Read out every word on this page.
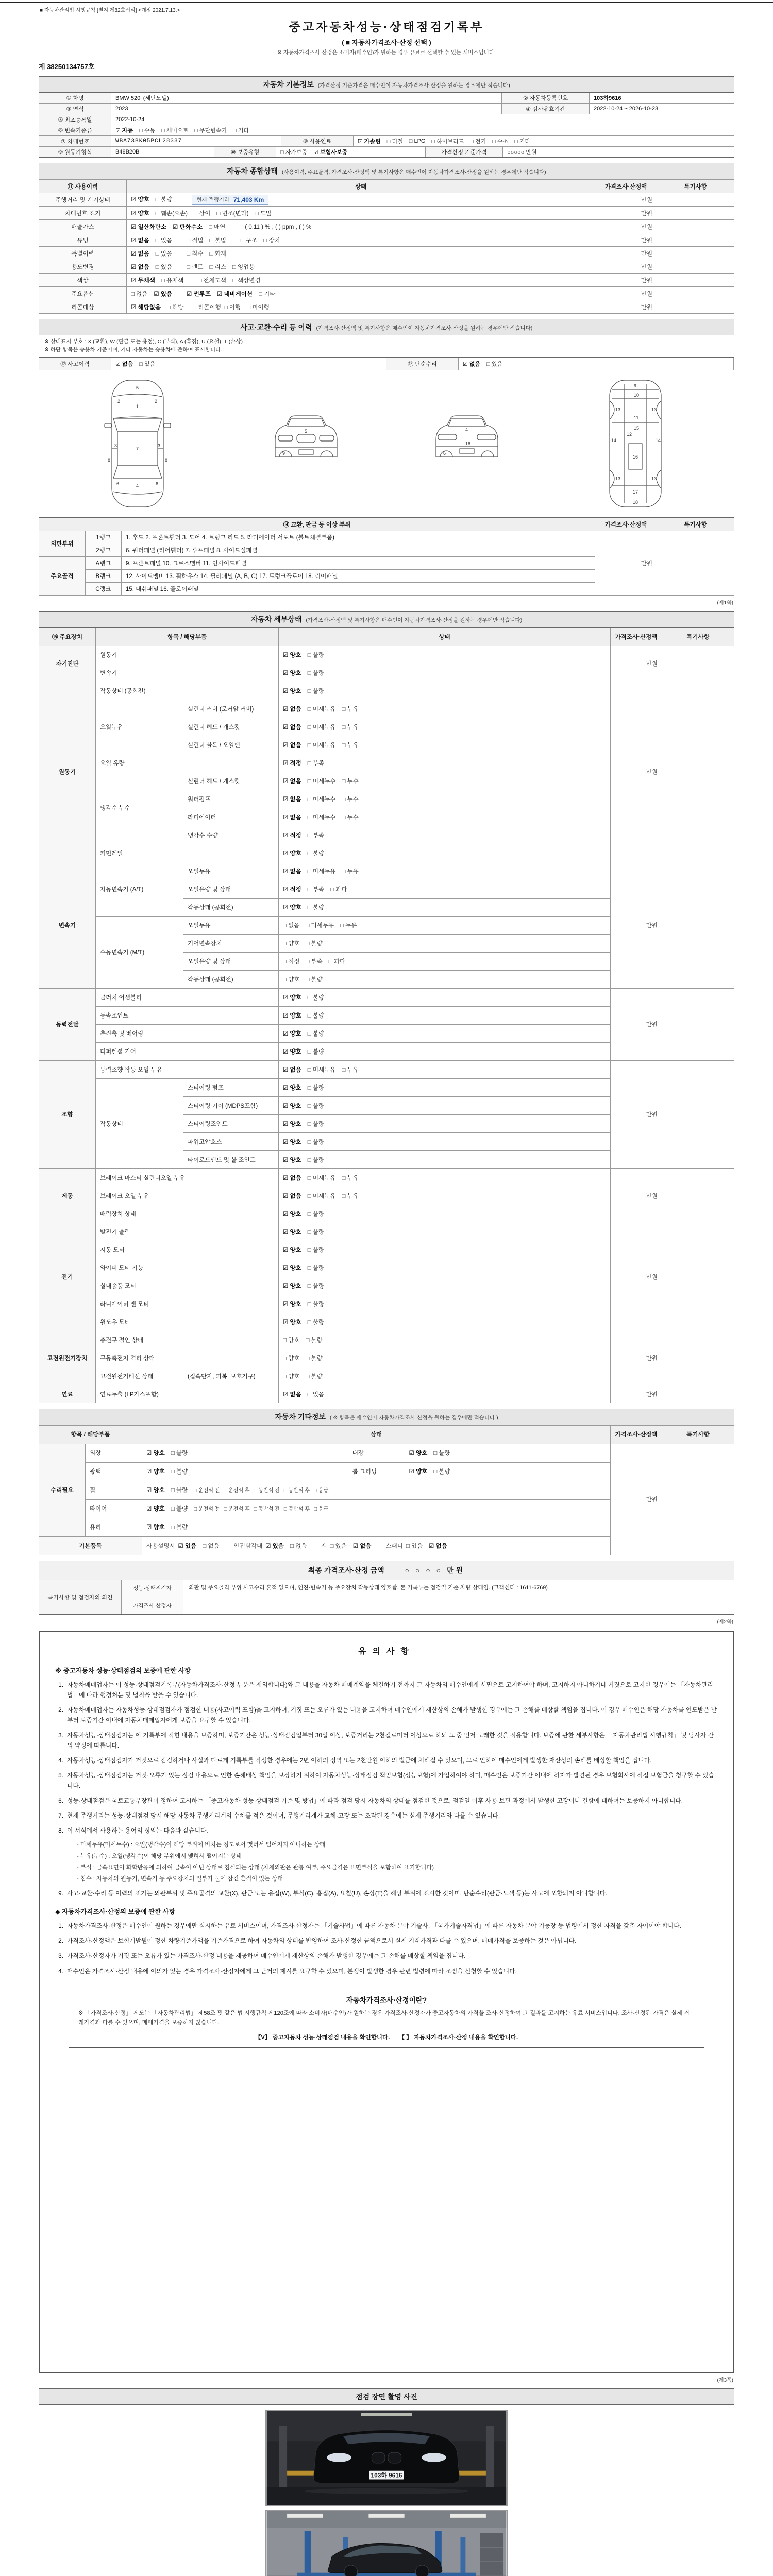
■ 자동차관리법 시행규칙 [별지 제82호서식] <개정 2021.7.13.>
중고자동차성능·상태점검기록부
( ■ 자동차가격조사·산정 선택 )
※ 자동차가격조사·산정은 소비자(매수인)가 원하는 경우 유료로 선택할 수 있는 서비스입니다.
제 38250134757호
자동차 기본정보 (가격산정 기준가격은 매수인이 자동차가격조사·산정을 원하는 경우에만 적습니다)
① 차명	BMW 520i (세단모델)	② 자동차등록번호	103하9616
③ 연식	2023	④ 검사유효기간	2022-10-24 ~ 2026-10-23
⑤ 최초등록일	2022-10-24
⑥ 변속기종류	☑ 자동 □ 수동 □ 세미오토 □ 무단변속기 □ 기타
⑦ 차대번호	WBA73BK05PCL28337	⑧ 사용연료	☑ 가솔린 □ 디젤 □ LPG □ 하이브리드 □ 전기 □ 수소 □ 기타
⑨ 원동기형식	B48B20B	⑩ 보증유형	□ 자가보증 ☑ 보험사보증	가격산정 기준가격	○○○○○ 만원
자동차 종합상태 (사용이력, 주요골격, 가격조사·산정액 및 특기사항은 매수인이 자동차가격조사·산정을 원하는 경우에만 적습니다)
⑪ 사용이력	상태	가격조사·산정액	특기사항
주행거리 및 계기상태	☑ 양호 □ 불량 현재 주행거리 71,403 Km	만원	
차대번호 표기	☑ 양호 □ 훼손(오손) □ 상이 □ 변조(변타) □ 도말	만원	
배출가스	☑ 일산화탄소 ☑ 탄화수소 □ 매연 ( 0.11 ) % , ( ) ppm , ( ) %	만원	
튜닝	☑ 없음 □ 있음 □ 적법 □ 불법 □ 구조 □ 장치	만원	
특별이력	☑ 없음 □ 있음 □ 침수 □ 화재	만원	
용도변경	☑ 없음 □ 있음 □ 렌트 □ 리스 □ 영업용	만원	
색상	☑ 무채색 □ 유채색 □ 전체도색 □ 색상변경	만원	
주요옵션	□ 없음 ☑ 있음 ☑ 썬루프 ☑ 네비게이션 □ 기타	만원	
리콜대상	☑ 해당없음 □ 해당 리콜이행 □ 이행 □ 미이행	만원	
사고·교환·수리 등 이력 (가격조사·산정액 및 특기사항은 매수인이 자동차가격조사·산정을 원하는 경우에만 적습니다)
※ 상태표시 부호 : X (교환), W (판금 또는 용접), C (부식), A (흠집), U (요철), T (손상)
※ 하단 항목은 승용차 기준이며, 기타 자동차는 승용차에 준하여 표시합니다.
⑫ 사고이력	☑ 없음 □ 있음	⑬ 단순수리	☑ 없음 □ 있음
5
1
2	2
3	3
7
4
6	6
8	8
5
9
4
18
6
9
10
13	13
13	13
11
12
14	14
15
16
17
18
⑭ 교환, 판금 등 이상 부위			가격조사·산정액	특기사항
외판부위	1랭크	1. 후드 2. 프론트휀더 3. 도어 4. 트렁크 리드 5. 라디에이터 서포트 (볼트체결부품)	만원	
	2랭크	6. 쿼터패널 (리어휀더) 7. 루프패널 8. 사이드실패널		
주요골격	A랭크	9. 프론트패널 10. 크로스멤버 11. 인사이드패널		
	B랭크	12. 사이드멤버 13. 휠하우스 14. 필러패널 (A, B, C) 17. 트렁크플로어 18. 리어패널		
	C랭크	15. 대쉬패널 16. 플로어패널		
(제1쪽)
자동차 세부상태 (가격조사·산정액 및 특기사항은 매수인이 자동차가격조사·산정을 원하는 경우에만 적습니다)
⑮ 주요장치	항목 / 해당부품		상태	가격조사·산정액	특기사항
자기진단	원동기		☑ 양호 □ 불량	만원	
	변속기		☑ 양호 □ 불량		

원동기	작동상태 (공회전)		☑ 양호 □ 불량	만원	
	오일누유	실린더 커버 (로커암 커버)	☑ 없음 □ 미세누유 □ 누유		

		실린더 헤드 / 개스킷	☑ 없음 □ 미세누유 □ 누유		

		실린더 블록 / 오일팬	☑ 없음 □ 미세누유 □ 누유		

	오일 유량		☑ 적정 □ 부족		

	냉각수 누수	실린더 헤드 / 개스킷	☑ 없음 □ 미세누수 □ 누수		

		워터펌프	☑ 없음 □ 미세누수 □ 누수		

		라디에이터	☑ 없음 □ 미세누수 □ 누수		

		냉각수 수량	☑ 적정 □ 부족		

	커먼레일		☑ 양호 □ 불량		

변속기	자동변속기 (A/T)	오일누유	☑ 없음 □ 미세누유 □ 누유	만원	
		오일유량 및 상태	☑ 적정 □ 부족 □ 과다		

		작동상태 (공회전)	☑ 양호 □ 불량		

	수동변속기 (M/T)	오일누유	□ 없음 □ 미세누유 □ 누유		

		기어변속장치	□ 양호 □ 불량		

		오일유량 및 상태	□ 적정 □ 부족 □ 과다		

		작동상태 (공회전)	□ 양호 □ 불량		

동력전달	클러치 어셈블리		☑ 양호 □ 불량	만원	
	등속조인트		☑ 양호 □ 불량		

	추진축 및 베어링		☑ 양호 □ 불량		

	디퍼렌셜 기어		☑ 양호 □ 불량		

조향	동력조향 작동 오일 누유		☑ 없음 □ 미세누유 □ 누유	만원	
	작동상태	스티어링 펌프	☑ 양호 □ 불량		

		스티어링 기어 (MDPS포함)	☑ 양호 □ 불량		

		스티어링조인트	☑ 양호 □ 불량		

		파워고압호스	☑ 양호 □ 불량		

		타이로드엔드 및 볼 조인트	☑ 양호 □ 불량		

제동	브레이크 마스터 실린더오일 누유		☑ 없음 □ 미세누유 □ 누유	만원	
	브레이크 오일 누유		☑ 없음 □ 미세누유 □ 누유		

	배력장치 상태		☑ 양호 □ 불량		

전기	발전기 출력		☑ 양호 □ 불량	만원	
	시동 모터		☑ 양호 □ 불량		

	와이퍼 모터 기능		☑ 양호 □ 불량		

	실내송풍 모터		☑ 양호 □ 불량		

	라디에이터 팬 모터		☑ 양호 □ 불량		

	윈도우 모터		☑ 양호 □ 불량		

고전원전기장치	충전구 절연 상태		□ 양호 □ 불량	만원	
	구동축전지 격리 상태		□ 양호 □ 불량		

	고전원전기배선 상태	(접속단자, 피복, 보호기구)	□ 양호 □ 불량		

연료	연료누출 (LP가스포함)		☑ 없음 □ 있음	만원	
자동차 기타정보 ( ※ 항목은 매수인이 자동차가격조사·산정을 원하는 경우에만 적습니다 )
항목 / 해당부품		상태			가격조사·산정액	특기사항
수리필요	외장	☑ 양호 □ 불량	내장	☑ 양호 □ 불량	만원	
	광택	☑ 양호 □ 불량	룸 크리닝	☑ 양호 □ 불량		

휠	☑ 양호 □ 불량 □ 운전석 전 □ 운전석 후 □ 동반석 전 □ 동반석 후 □ 응급

타이어	☑ 양호 □ 불량 □ 운전석 전 □ 운전석 후 □ 동반석 전 □ 동반석 후 □ 응급

	유리	☑ 양호 □ 불량				

기본품목	사용설명서 ☑ 있음 □ 없음 안전삼각대 ☑ 있음 □ 없음 잭 □ 있음 ☑ 없음 스패너 □ 있음 ☑ 없음
최종 가격조사·산정 금액	○ ○ ○ ○ 만원
특기사항 및 점검자의 의견
성능·상태점검자	외판 및 주요골격 부위 사고수리 흔적 없으며, 엔진·변속기 등 주요장치 작동상태 양호함. 본 기록부는 점검일 기준 차량 상태임. (고객센터 : 1611-6769)
가격조사·산정자
(제2쪽)
유의사항
※ 중고자동차 성능·상태점검의 보증에 관한 사항
1. 자동차매매업자는 이 성능·상태점검기록부(자동차가격조사·산정 부분은 제외합니다)와 그 내용을 자동차 매매계약을 체결하기 전까지 그 자동차의 매수인에게 서면으로 고지하여야 하며, 고지하지 아니하거나 거짓으로 고지한 경우에는 「자동차관리법」에 따라 행정처분 및 벌칙을 받을 수 있습니다.
2. 자동차매매업자는 자동차성능·상태점검자가 점검한 내용(사고이력 포함)을 고지하며, 거짓 또는 오류가 있는 내용을 고지하여 매수인에게 재산상의 손해가 발생한 경우에는 그 손해를 배상할 책임을 집니다. 이 경우 매수인은 해당 자동차를 인도받은 날부터 보증기간 이내에 자동차매매업자에게 보증을 요구할 수 있습니다.
3. 자동차성능·상태점검자는 이 기록부에 적힌 내용을 보증하며, 보증기간은 성능·상태점검일부터 30일 이상, 보증거리는 2천킬로미터 이상으로 하되 그 중 먼저 도래한 것을 적용합니다. 보증에 관한 세부사항은 「자동차관리법 시행규칙」 및 당사자 간의 약정에 따릅니다.
4. 자동차성능·상태점검자가 거짓으로 점검하거나 사실과 다르게 기록부를 작성한 경우에는 2년 이하의 징역 또는 2천만원 이하의 벌금에 처해질 수 있으며, 그로 인하여 매수인에게 발생한 재산상의 손해를 배상할 책임을 집니다.
5. 자동차성능·상태점검자는 거짓·오류가 있는 점검 내용으로 인한 손해배상 책임을 보장하기 위하여 자동차성능·상태점검 책임보험(성능보험)에 가입하여야 하며, 매수인은 보증기간 이내에 하자가 발견된 경우 보험회사에 직접 보험금을 청구할 수 있습니다.
6. 성능·상태점검은 국토교통부장관이 정하여 고시하는 「중고자동차 성능·상태점검 기준 및 방법」에 따라 점검 당시 자동차의 상태를 점검한 것으로, 점검일 이후 사용·보관 과정에서 발생한 고장이나 결함에 대하여는 보증하지 아니합니다.
7. 현재 주행거리는 성능·상태점검 당시 해당 자동차 주행거리계의 수치를 적은 것이며, 주행거리계가 교체·고장 또는 조작된 경우에는 실제 주행거리와 다를 수 있습니다.
8. 이 서식에서 사용하는 용어의 정의는 다음과 같습니다.
- 미세누유(미세누수) : 오일(냉각수)이 해당 부위에 비치는 정도로서 맺혀서 떨어지지 아니하는 상태
- 누유(누수) : 오일(냉각수)이 해당 부위에서 맺혀서 떨어지는 상태
- 부식 : 금속표면이 화학반응에 의하여 금속이 아닌 상태로 침식되는 상태 (차체외판은 관통 여부, 주요골격은 표면부식을 포함하여 표기합니다)
- 침수 : 자동차의 원동기, 변속기 등 주요장치의 일부가 물에 잠긴 흔적이 있는 상태
9. 사고·교환·수리 등 이력의 표기는 외판부위 및 주요골격의 교환(X), 판금 또는 용접(W), 부식(C), 흠집(A), 요철(U), 손상(T)을 해당 부위에 표시한 것이며, 단순수리(판금·도색 등)는 사고에 포함되지 아니합니다.
◆ 자동차가격조사·산정의 보증에 관한 사항
1. 자동차가격조사·산정은 매수인이 원하는 경우에만 실시하는 유료 서비스이며, 가격조사·산정자는 「기술사법」에 따른 자동차 분야 기술사, 「국가기술자격법」에 따른 자동차 분야 기능장 등 법령에서 정한 자격을 갖춘 자이어야 합니다.
2. 가격조사·산정액은 보험개발원이 정한 차량기준가액을 기준가격으로 하여 자동차의 상태를 반영하여 조사·산정한 금액으로서 실제 거래가격과 다를 수 있으며, 매매가격을 보증하는 것은 아닙니다.
3. 가격조사·산정자가 거짓 또는 오류가 있는 가격조사·산정 내용을 제공하여 매수인에게 재산상의 손해가 발생한 경우에는 그 손해를 배상할 책임을 집니다.
4. 매수인은 가격조사·산정 내용에 이의가 있는 경우 가격조사·산정자에게 그 근거의 제시를 요구할 수 있으며, 분쟁이 발생한 경우 관련 법령에 따라 조정을 신청할 수 있습니다.
자동차가격조사·산정이란?
※ 「가격조사·산정」 제도는 「자동차관리법」 제58조 및 같은 법 시행규칙 제120조에 따라 소비자(매수인)가 원하는 경우 가격조사·산정자가 중고자동차의 가격을 조사·산정하여 그 결과를 고지하는 유료 서비스입니다. 조사·산정된 가격은 실제 거래가격과 다를 수 있으며, 매매가격을 보증하지 않습니다.
【V】 중고자동차 성능·상태점검 내용을 확인합니다.　　【 】 자동차가격조사·산정 내용을 확인합니다.
(제3쪽)
점검 장면 촬영 사진
103하 9616
